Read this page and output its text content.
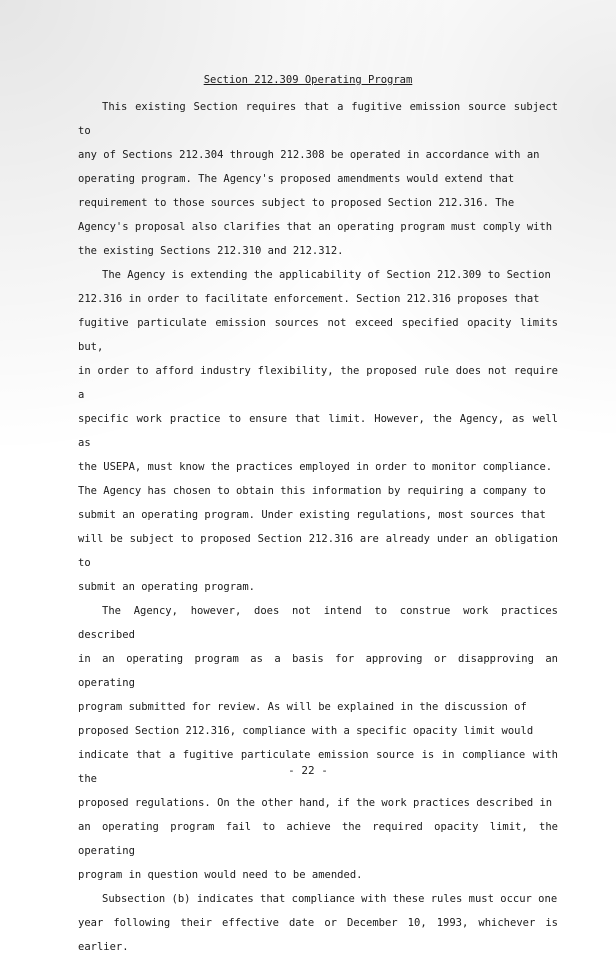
Section 212.309 Operating Program

This existing Section requires that a fugitive emission source subject to
any of Sections 212.304 through 212.308 be operated in accordance with an
operating program. The Agency's proposed amendments would extend that
requirement to those sources subject to proposed Section 212.316. The
Agency's proposal also clarifies that an operating program must comply with
the existing Sections 212.310 and 212.312.

The Agency is extending the applicability of Section 212.309 to Section
212.316 in order to facilitate enforcement. Section 212.316 proposes that
fugitive particulate emission sources not exceed specified opacity limits but,
in order to afford industry flexibility, the proposed rule does not require a
specific work practice to ensure that limit. However, the Agency, as well as
the USEPA, must know the practices employed in order to monitor compliance.
The Agency has chosen to obtain this information by requiring a company to
submit an operating program. Under existing regulations, most sources that
will be subject to proposed Section 212.316 are already under an obligation to
submit an operating program.

The Agency, however, does not intend to construe work practices described
in an operating program as a basis for approving or disapproving an operating
program submitted for review. As will be explained in the discussion of
proposed Section 212.316, compliance with a specific opacity limit would
indicate that a fugitive particulate emission source is in compliance with the
proposed regulations. On the other hand, if the work practices described in
an operating program fail to achieve the required opacity limit, the operating
program in question would need to be amended.

Subsection (b) indicates that compliance with these rules must occur one
year following their effective date or December 10, 1993, whichever is earlier.

- 22 -
